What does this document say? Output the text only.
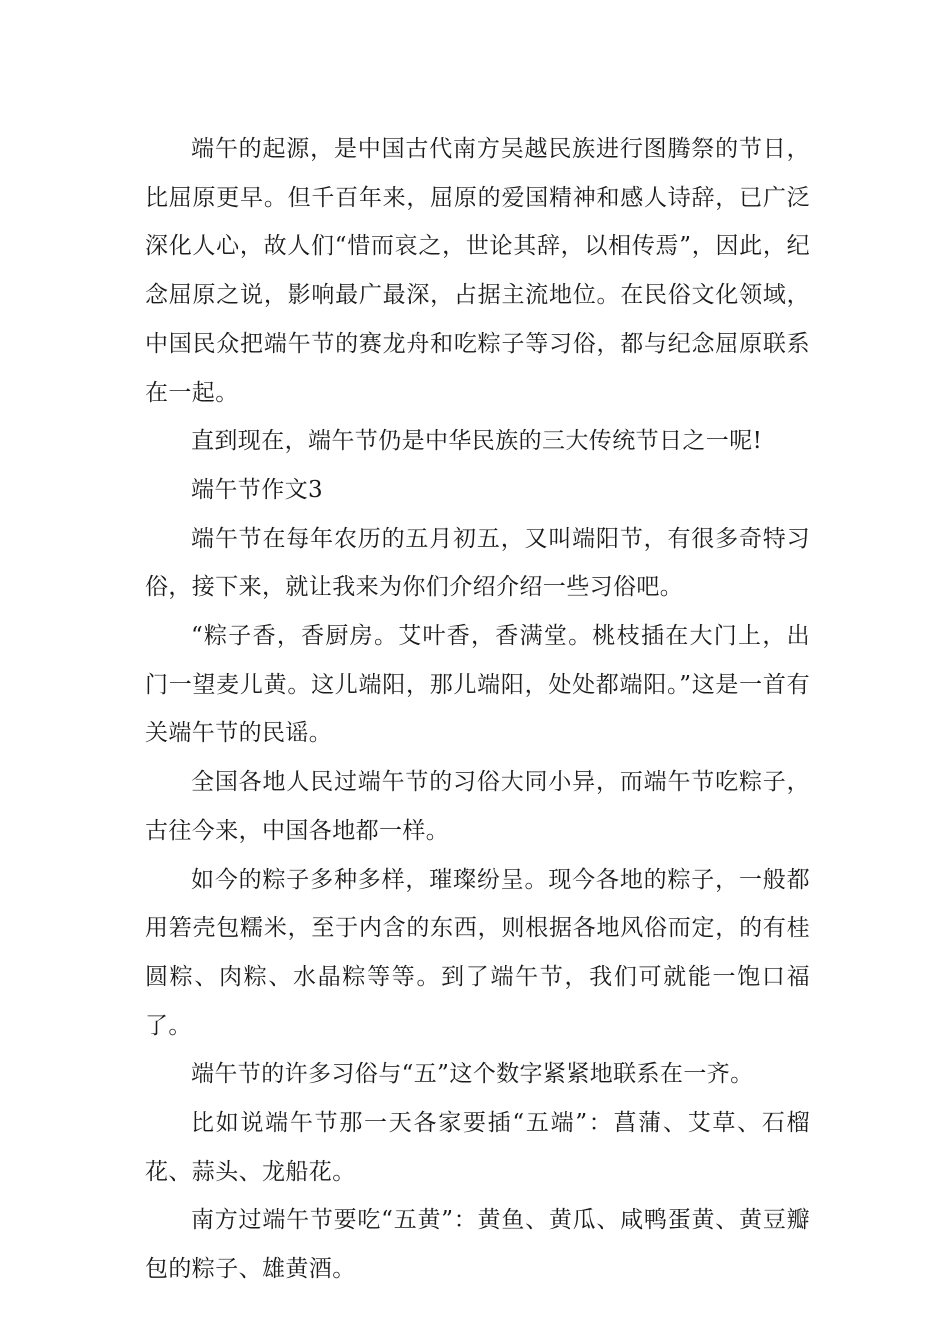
端午的起源，是中国古代南方吴越民族进行图腾祭的节日，比屈原更早。但千百年来，屈原的爱国精神和感人诗辞，已广泛深化人心，故人们“惜而哀之，世论其辞，以相传焉”，因此，纪念屈原之说，影响最广最深，占据主流地位。在民俗文化领域，中国民众把端午节的赛龙舟和吃粽子等习俗，都与纪念屈原联系在一起。

直到现在，端午节仍是中华民族的三大传统节日之一呢!

端午节作文3

端午节在每年农历的五月初五，又叫端阳节，有很多奇特习俗，接下来，就让我来为你们介绍介绍一些习俗吧。

“粽子香，香厨房。艾叶香，香满堂。桃枝插在大门上，出门一望麦儿黄。这儿端阳，那儿端阳，处处都端阳。”这是一首有关端午节的民谣。

全国各地人民过端午节的习俗大同小异，而端午节吃粽子，古往今来，中国各地都一样。

如今的粽子多种多样，璀璨纷呈。现今各地的粽子，一般都用箬壳包糯米，至于内含的东西，则根据各地风俗而定，的有桂圆粽、肉粽、水晶粽等等。到了端午节，我们可就能一饱口福了。

端午节的许多习俗与“五”这个数字紧紧地联系在一齐。

比如说端午节那一天各家要插“五端”：菖蒲、艾草、石榴花、蒜头、龙船花。

南方过端午节要吃“五黄”：黄鱼、黄瓜、咸鸭蛋黄、黄豆瓣包的粽子、雄黄酒。
